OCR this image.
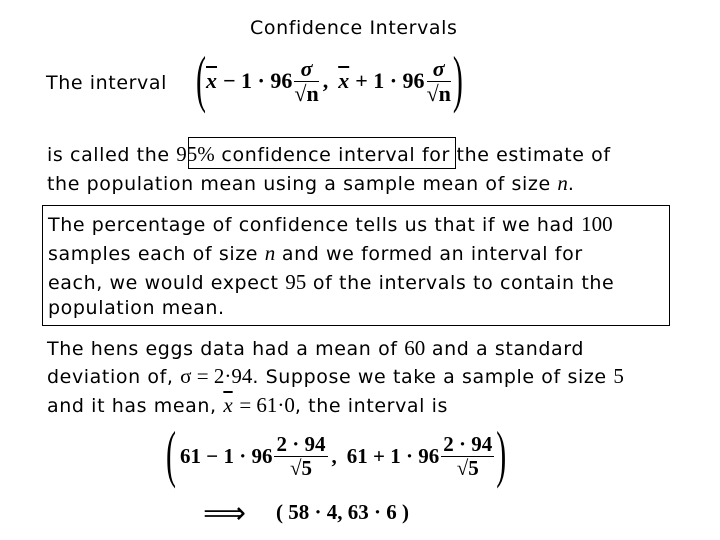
Confidence Intervals
The interval ( $\overline{x} - 1 \cdot 96 \frac{\sigma}{√n}$ , $\overline{x} + 1 \cdot 96 \frac{\sigma}{√n}$ )
is called the 95% confidence interval for the estimate of
the population mean using a sample mean of size n.
The percentage of confidence tells us that if we had 100
samples each of size n and we formed an interval for
each, we would expect 95 of the intervals to contain the
population mean.
The hens eggs data had a mean of 60 and a standard
deviation of, σ = 2·94. Suppose we take a sample of size 5
and it has mean, $\overline{x} = 61\cdot 0$, the interval is
( $61 - 1 \cdot 96 \frac{2 \cdot 94}{√5}$ , $61 + 1 \cdot 96 \frac{2 \cdot 94}{√5}$ )
⟹ ( 58 · 4, 63 · 6 )
